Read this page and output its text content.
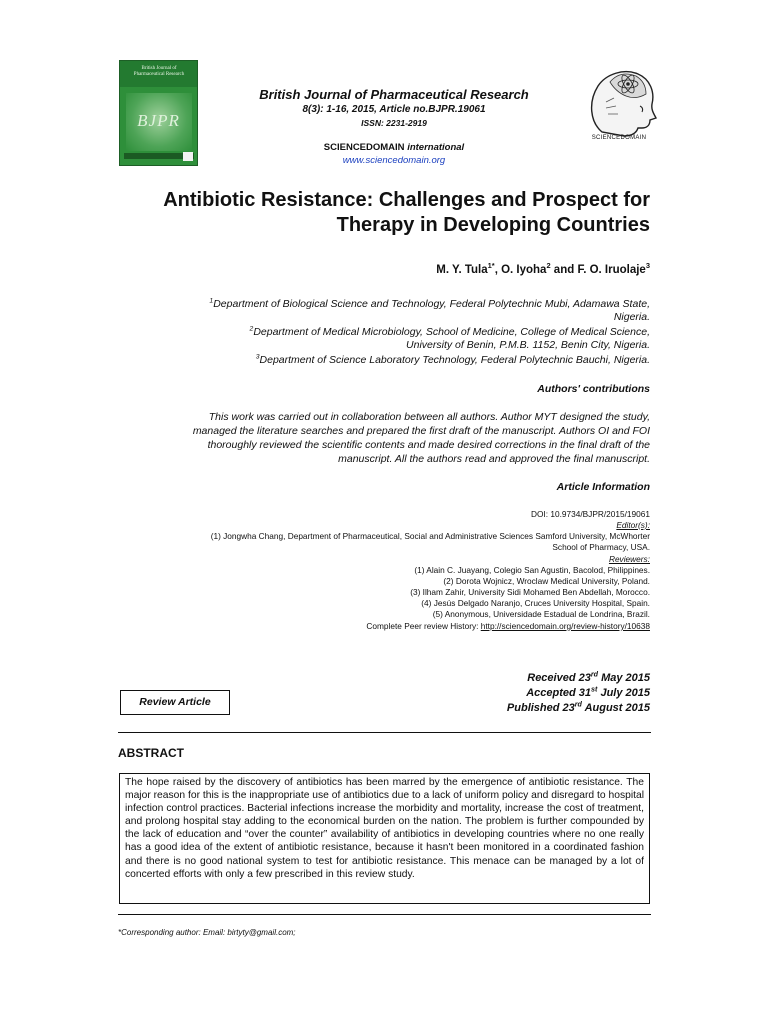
British Journal of
Pharmaceutical Research
BJPR
British Journal of Pharmaceutical Research
8(3): 1-16, 2015, Article no.BJPR.19061
ISSN: 2231-2919
SCIENCEDOMAIN international
www.sciencedomain.org
SCIENCEDOMAIN
Antibiotic Resistance: Challenges and Prospect for
Therapy in Developing Countries
M. Y. Tula$^{1*}$, O. Iyoha$^2$ and F. O. Iruolaje$^3$
$^1$Department of Biological Science and Technology, Federal Polytechnic Mubi, Adamawa State,
Nigeria.
$^2$Department of Medical Microbiology, School of Medicine, College of Medical Science,
University of Benin, P.M.B. 1152, Benin City, Nigeria.
$^3$Department of Science Laboratory Technology, Federal Polytechnic Bauchi, Nigeria.
Authors' contributions
This work was carried out in collaboration between all authors. Author MYT designed the study,
managed the literature searches and prepared the first draft of the manuscript. Authors OI and FOI
thoroughly reviewed the scientific contents and made desired corrections in the final draft of the
manuscript. All the authors read and approved the final manuscript.
Article Information
DOI: 10.9734/BJPR/2015/19061
Editor(s):
(1) Jongwha Chang, Department of Pharmaceutical, Social and Administrative Sciences Samford University, McWhorter
School of Pharmacy, USA.
Reviewers:
(1) Alain C. Juayang, Colegio San Agustin, Bacolod, Philippines.
(2) Dorota Wojnicz, Wroclaw Medical University, Poland.
(3) Ilham Zahir, University Sidi Mohamed Ben Abdellah, Morocco.
(4) Jesús Delgado Naranjo, Cruces University Hospital, Spain.
(5) Anonymous, Universidade Estadual de Londrina, Brazil.
Complete Peer review History: http://sciencedomain.org/review-history/10638
Review Article
Received 23rd May 2015
Accepted 31st July 2015
Published 23rd August 2015
ABSTRACT
The hope raised by the discovery of antibiotics has been marred by the emergence of antibiotic resistance. The major reason for this is the inappropriate use of antibiotics due to a lack of uniform policy and disregard to hospital infection control practices. Bacterial infections increase the morbidity and mortality, increase the cost of treatment, and prolong hospital stay adding to the economical burden on the nation. The problem is further compounded by the lack of education and “over the counter” availability of antibiotics in developing countries where no one really has a good idea of the extent of antibiotic resistance, because it hasn't been monitored in a coordinated fashion and there is no good national system to test for antibiotic resistance. This menace can be managed by a lot of concerted efforts with only a few prescribed in this review study.
*Corresponding author: Email: birtyty@gmail.com;
